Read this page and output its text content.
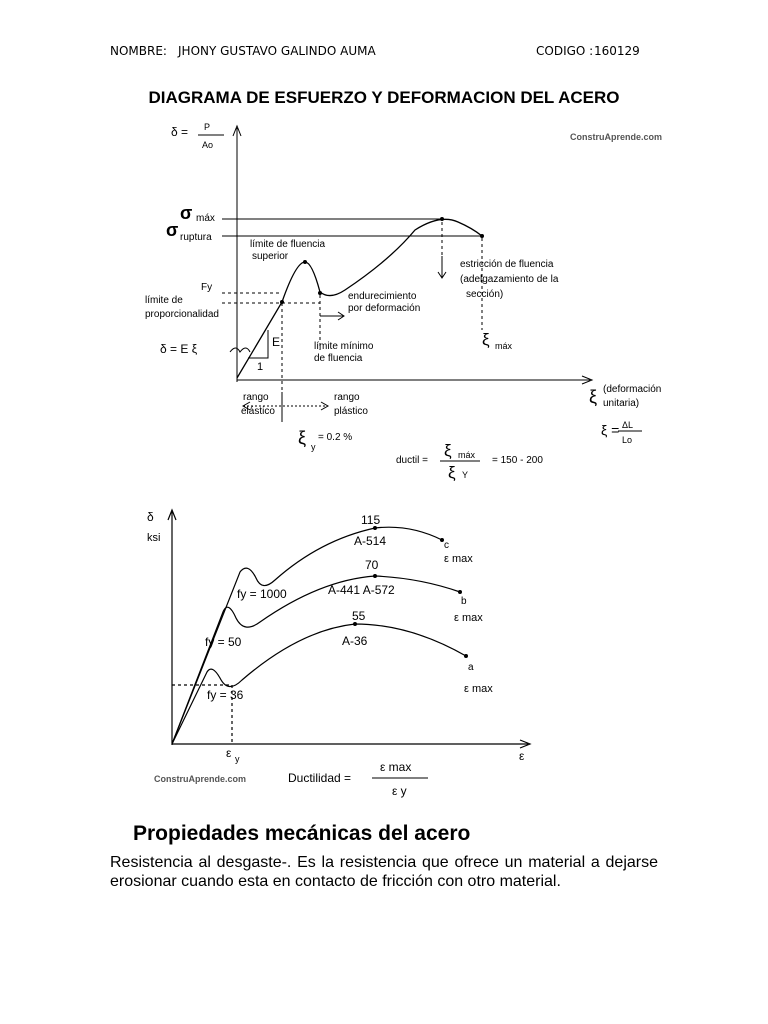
NOMBRE: JHONY GUSTAVO GALINDO AUMA	CODIGO : 160129
DIAGRAMA DE ESFUERZO Y DEFORMACION DEL ACERO
δ = P
Ao
ConstruAprende.com
σ máx
σ ruptura
límite de fluencia
superior
Fy
límite de
proporcionalidad
δ = E ξ	E
1
endurecimiento
por deformación
límite mínimo
de fluencia
estricción de fluencia
(adelgazamiento de la
sección)
ξ máx
ξ (deformación
unitaria)
ξ = ΔL
Lo
rango
elástico
rango
plástico
ξ y
= 0.2 %
ductil =
ξ máx
ξ Y
= 150 - 200
δ
ksi
115
A-514
fy = 1000
c
ε max
70
A-441 A-572
fy = 50
b
ε max
55
A-36
fy = 36
a
ε max
ε y	ε
Ductilidad =
ε max
ε y
ConstruAprende.com
Propiedades mecánicas del acero
Resistencia al desgaste-. Es la resistencia que ofrece un material a dejarse erosionar cuando esta en contacto de fricción con otro material.
